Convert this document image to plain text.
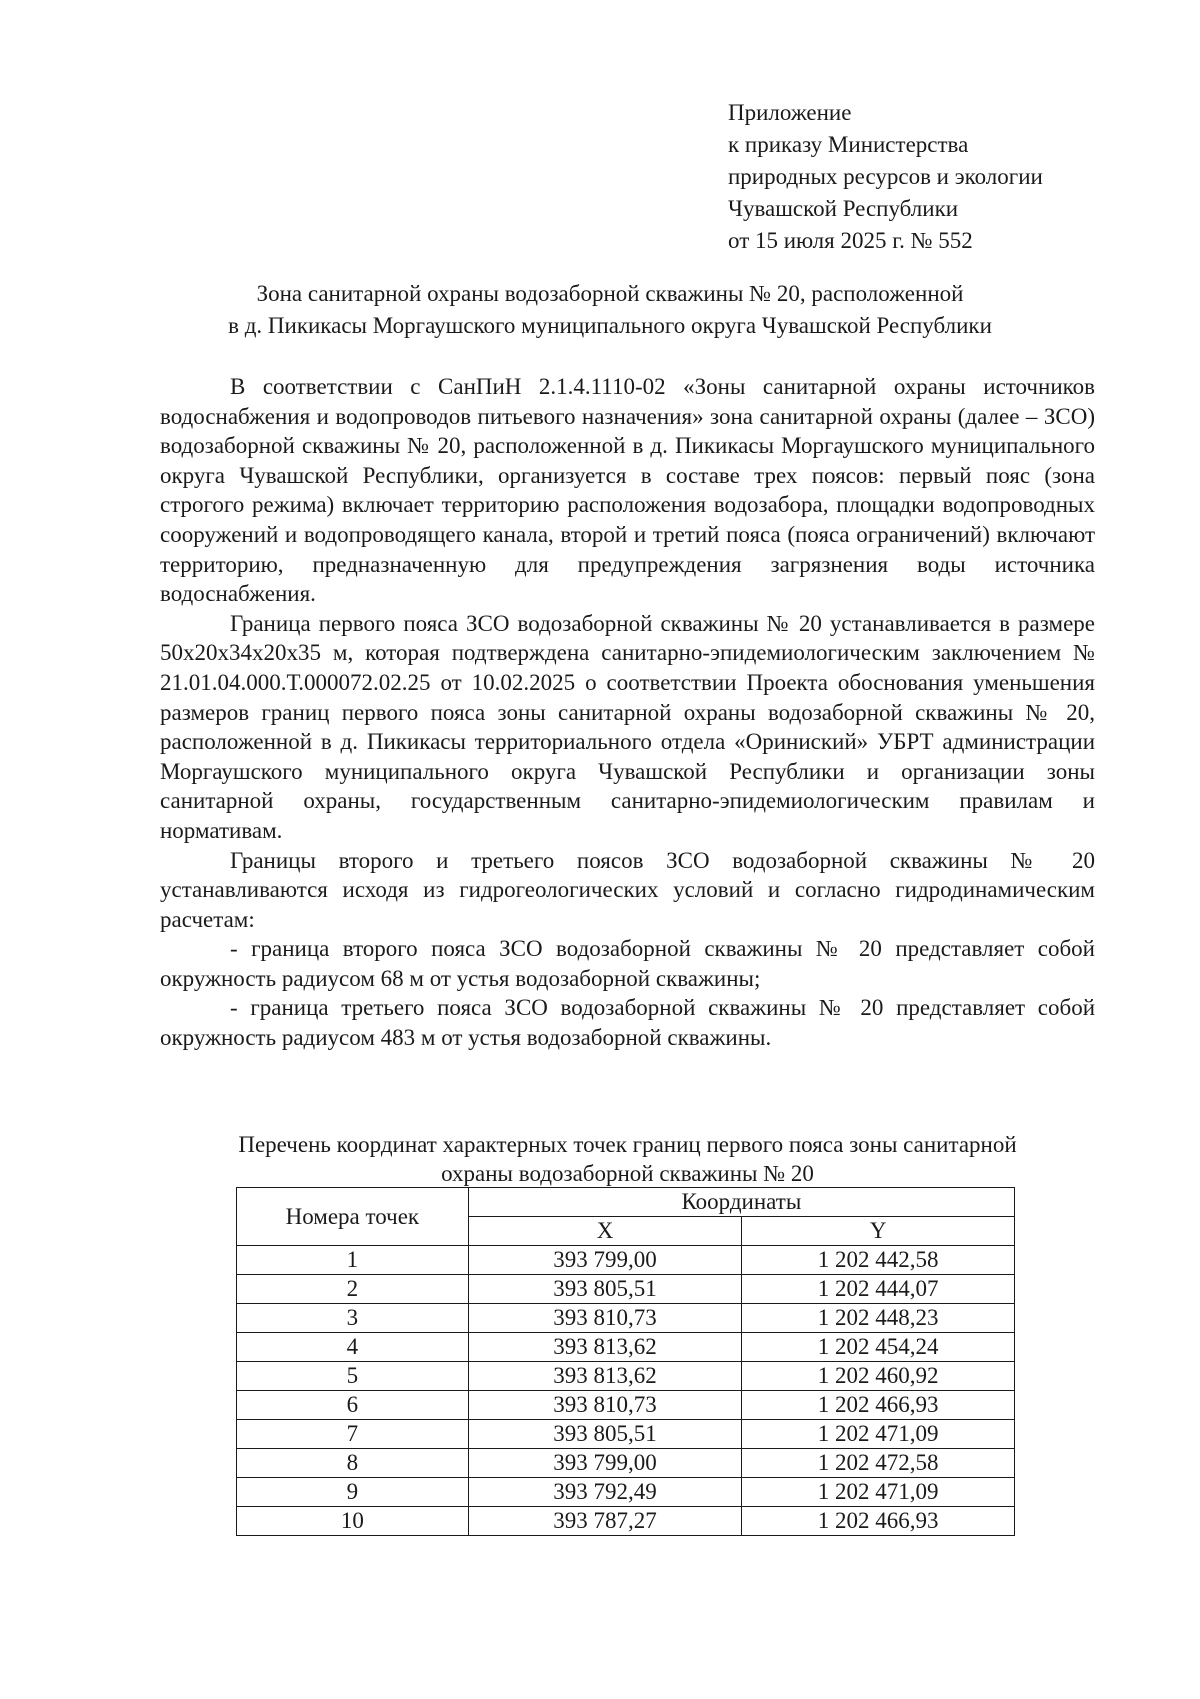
Приложение
к приказу Министерства
природных ресурсов и экологии
Чувашской Республики
от 15 июля 2025 г. № 552
Зона санитарной охраны водозаборной скважины № 20, расположенной
в д. Пикикасы Моргаушского муниципального округа Чувашской Республики

В соответствии с СанПиН 2.1.4.1110-02 «Зоны санитарной охраны источников водоснабжения и водопроводов питьевого назначения» зона санитарной охраны (далее – ЗСО) водозаборной скважины № 20, расположенной в д. Пикикасы Моргаушского муниципального округа Чувашской Республики, организуется в составе трех поясов: первый пояс (зона строгого режима) включает территорию расположения водозабора, площадки водопроводных сооружений и водопроводящего канала, второй и третий пояса (пояса ограничений) включают территорию, предназначенную для предупреждения загрязнения воды источника водоснабжения.

Граница первого пояса ЗСО водозаборной скважины № 20 устанавливается в размере 50х20х34х20х35 м, которая подтверждена санитарно-эпидемиологическим заключением № 21.01.04.000.Т.000072.02.25 от 10.02.2025 о соответствии Проекта обоснования уменьшения размеров границ первого пояса зоны санитарной охраны водозаборной скважины № 20, расположенной в д. Пикикасы территориального отдела «Ориниский» УБРТ администрации Моргаушского муниципального округа Чувашской Республики и организации зоны санитарной охраны, государственным санитарно-эпидемиологическим правилам и нормативам.

Границы второго и третьего поясов ЗСО водозаборной скважины № 20 устанавливаются исходя из гидрогеологических условий и согласно гидродинамическим расчетам:

- граница второго пояса ЗСО водозаборной скважины № 20 представляет собой окружность радиусом 68 м от устья водозаборной скважины;

- граница третьего пояса ЗСО водозаборной скважины № 20 представляет собой окружность радиусом 483 м от устья водозаборной скважины.

Перечень координат характерных точек границ первого пояса зоны санитарной
охраны водозаборной скважины № 20
Номера точек	Координаты	
	X	Y
1	393 799,00	1 202 442,58
2	393 805,51	1 202 444,07
3	393 810,73	1 202 448,23
4	393 813,62	1 202 454,24
5	393 813,62	1 202 460,92
6	393 810,73	1 202 466,93
7	393 805,51	1 202 471,09
8	393 799,00	1 202 472,58
9	393 792,49	1 202 471,09
10	393 787,27	1 202 466,93
